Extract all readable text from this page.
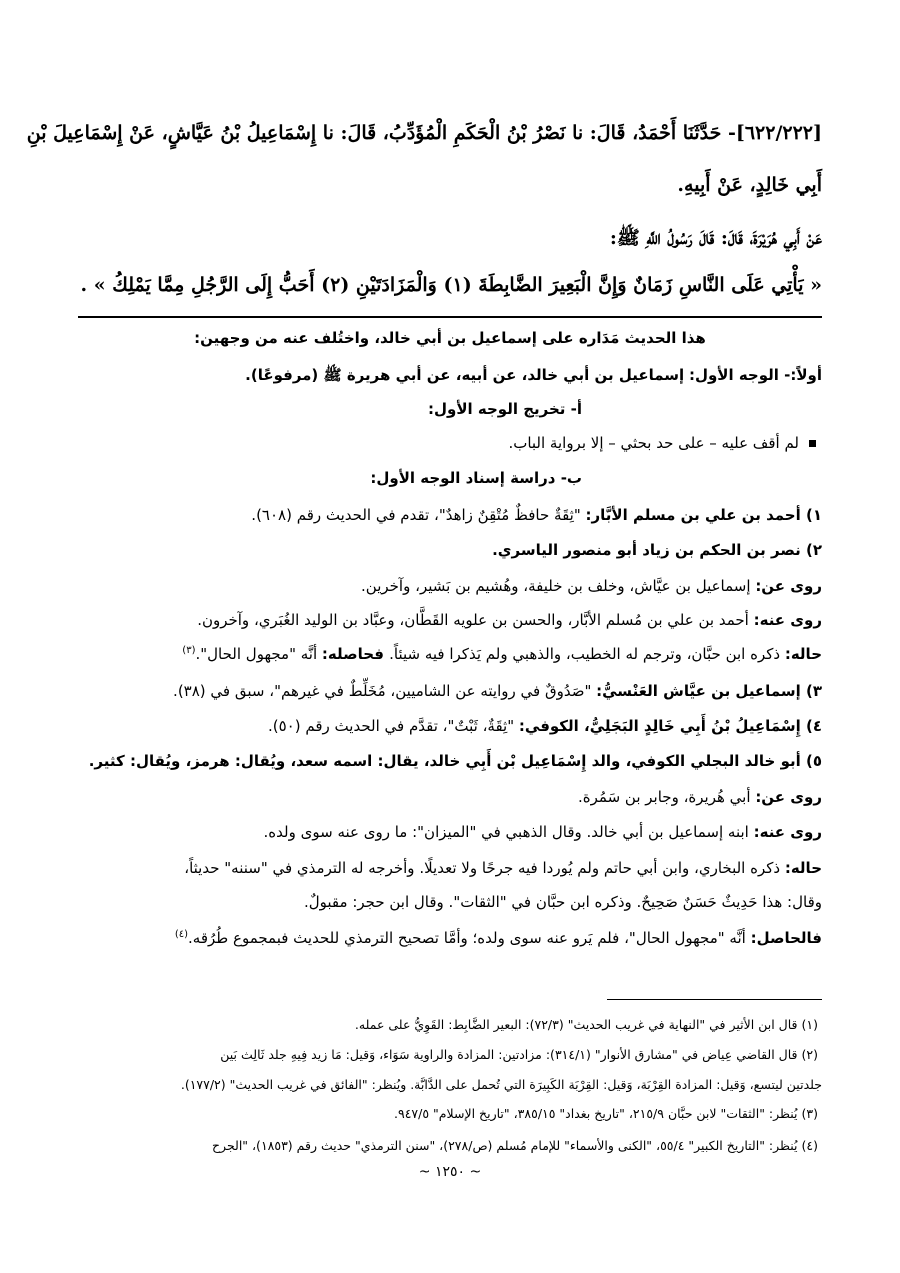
[٦٢٢/٢٢٢]- حَدَّثَنَا أَحْمَدُ، قَالَ: نا نَصْرُ بْنُ الْحَكَمِ الْمُؤَدِّبُ، قَالَ: نا إِسْمَاعِيلُ بْنُ عَيَّاشٍ، عَنْ إِسْمَاعِيلَ بْنِ
أَبِي خَالِدٍ، عَنْ أَبِيهِ.
عَنْ أَبِي هُرَيْرَةَ، قَالَ: قَالَ رَسُولُ اللَّهِ ﷺ:
« يَأْتِي عَلَى النَّاسِ زَمَانٌ وَإِنَّ الْبَعِيرَ الضَّابِطَةَ (١) وَالْمَزَادَتَيْنِ (٢) أَحَبُّ إِلَى الرَّجُلِ مِمَّا يَمْلِكُ » .
هذا الحديث مَدَاره على إسماعيل بن أبي خالد، واختُلف عنه من وجهين:
أولاً:- الوجه الأول: إسماعيل بن أبي خالد، عن أبيه، عن أبي هريرة ﷺ (مرفوعًا).
أ- تخريج الوجه الأول:
لم أقف عليه – على حد بحثي – إلا برواية الباب.
ب- دراسة إسناد الوجه الأول:
١) أحمد بن علي بن مسلم الأبَّار: "ثِقَةٌ حافظٌ مُتْقِنٌ زاهدٌ"، تقدم في الحديث رقم (٦٠٨).
٢) نصر بن الحكم بن زياد أبو منصور الياسري.
روى عن: إسماعيل بن عيَّاش، وخلف بن خليفة، وهُشيم بن بَشير، وآخرين.
روى عنه: أحمد بن علي بن مُسلم الأبَّار، والحسن بن علويه القَطَّان، وعبَّاد بن الوليد الغُبَري، وآخرون.
حاله: ذكره ابن حبَّان، وترجم له الخطيب، والذهبي ولم يَذكرا فيه شيئاً. فحاصله: أنَّه "مجهول الحال".$^{(٣)}$
٣) إسماعيل بن عيَّاش العَنْسيُّ: "صَدُوقٌ في روايته عن الشاميين، مُخَلِّطٌ في غيرهم"، سبق في (٣٨).
٤) إِسْمَاعِيلُ بْنُ أَبِي خَالِدٍ البَجَلِيُّ، الكوفي: "ثِقَةٌ، ثَبْتٌ"، تقدَّم في الحديث رقم (٥٠).
٥) أبو خالد البجلي الكوفي، والد إِسْمَاعِيل بْن أَبِي خالد، يقال: اسمه سعد، ويُقال: هرمز، ويُقال: كثير.
روى عن: أبي هُريرة، وجابر بن سَمُرة.
روى عنه: ابنه إسماعيل بن أبي خالد. وقال الذهبي في "الميزان": ما روى عنه سوى ولده.
حاله: ذكره البخاري، وابن أبي حاتم ولم يُوردا فيه جرحًا ولا تعديلًا. وأخرجه له الترمذي في "سننه" حديثاً،
وقال: هذا حَدِيثٌ حَسَنٌ صَحِيحٌ. وذكره ابن حبَّان في "الثقات". وقال ابن حجر: مقبولٌ.
فالحاصل: أنَّه "مجهول الحال"، فلم يَرو عنه سوى ولده؛ وأمَّا تصحيح الترمذي للحديث فبمجموع طُرُقه.$^{(٤)}$
(١) قال ابن الأثير في "النهاية في غريب الحديث" (٧٢/٣): البعير الضَّابِط: القَوِيُّ على عمله.
(٢) قال القاضي عِياض في "مشارق الأنوار" (٣١٤/١): مزادتين: المزادة والراوية سَوَاء، وَقيل: مَا زيد فِيهِ جلد ثَالِث بَين
جلدتين ليتسع، وَقيل: المزادة القِرْبَة، وَقيل: القِرْبَة الكَبِيرَة التي تُحمل على الدَّابَّة. ويُنظر: "الفائق في غريب الحديث" (١٧٧/٢).
(٣) يُنظر: "الثقات" لابن حبَّان ٢١٥/٩، "تاريخ بغداد" ٣٨٥/١٥، "تاريخ الإسلام" ٩٤٧/٥.
(٤) يُنظر: "التاريخ الكبير" ٥٥/٤، "الكنى والأسماء" للإمام مُسلم (ص/٢٧٨)، "سنن الترمذي" حديث رقم (١٨٥٣)، "الجرح
~ ١٢٥٠ ~
